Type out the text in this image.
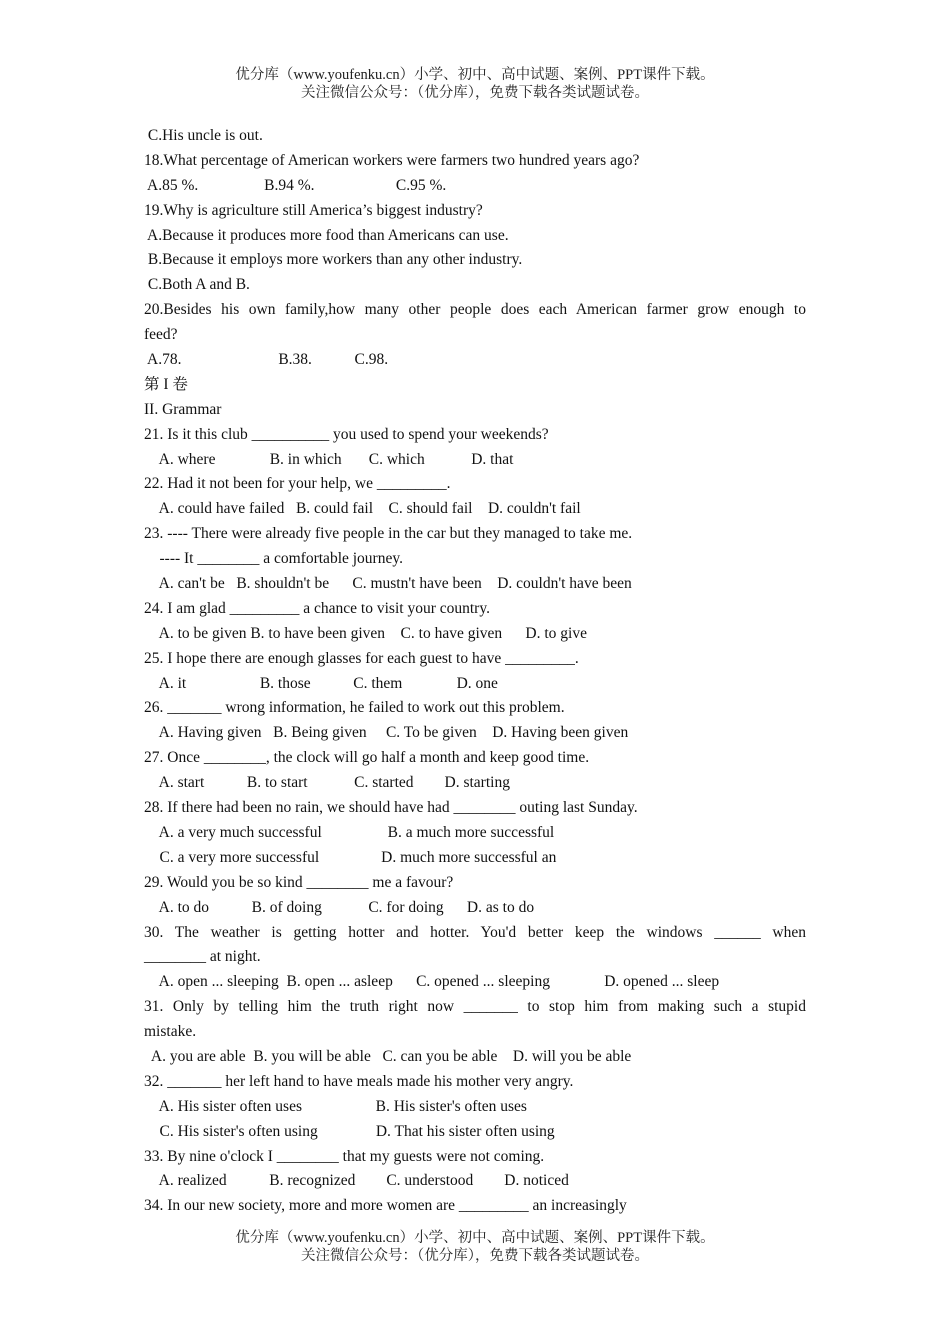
优分库（www.youfenku.cn）小学、初中、高中试题、案例、PPT课件下载。
关注微信公众号：（优分库），免费下载各类试题试卷。
C.His uncle is out.
18.What percentage of American workers were farmers two hundred years ago?
A.85 %.                 B.94 %.                     C.95 %.
19.Why is agriculture still America’s biggest industry?
A.Because it produces more food than Americans can use.
B.Because it employs more workers than any other industry.
C.Both A and B.
20.Besides his own family,how many other people does each American farmer grow enough to
feed?
A.78.                         B.38.           C.98.
第 I 卷
II. Grammar
21. Is it this club __________ you used to spend your weekends?
A. where              B. in which       C. which            D. that
22. Had it not been for your help, we _________.
A. could have failed   B. could fail    C. should fail    D. couldn't fail
23. ---- There were already five people in the car but they managed to take me.
---- It ________ a comfortable journey.
A. can't be   B. shouldn't be      C. mustn't have been    D. couldn't have been
24. I am glad _________ a chance to visit your country.
A. to be given B. to have been given    C. to have given      D. to give
25. I hope there are enough glasses for each guest to have _________.
A. it                   B. those           C. them              D. one
26. _______ wrong information, he failed to work out this problem.
A. Having given   B. Being given     C. To be given    D. Having been given
27. Once ________, the clock will go half a month and keep good time.
A. start           B. to start            C. started        D. starting
28. If there had been no rain, we should have had ________ outing last Sunday.
A. a very much successful                 B. a much more successful
C. a very more successful                D. much more successful an
29. Would you be so kind ________ me a favour?
A. to do           B. of doing            C. for doing      D. as to do
30. The weather is getting hotter and hotter. You'd better keep the windows ______ when
________ at night.
A. open ... sleeping  B. open ... asleep      C. opened ... sleeping              D. opened ... sleep
31. Only by telling him the truth right now _______ to stop him from making such a stupid
mistake.
A. you are able  B. you will be able   C. can you be able    D. will you be able
32. _______ her left hand to have meals made his mother very angry.
A. His sister often uses                   B. His sister's often uses
C. His sister's often using               D. That his sister often using
33. By nine o'clock I ________ that my guests were not coming.
A. realized           B. recognized        C. understood        D. noticed
34. In our new society, more and more women are _________ an increasingly
优分库（www.youfenku.cn）小学、初中、高中试题、案例、PPT课件下载。
关注微信公众号：（优分库），免费下载各类试题试卷。
